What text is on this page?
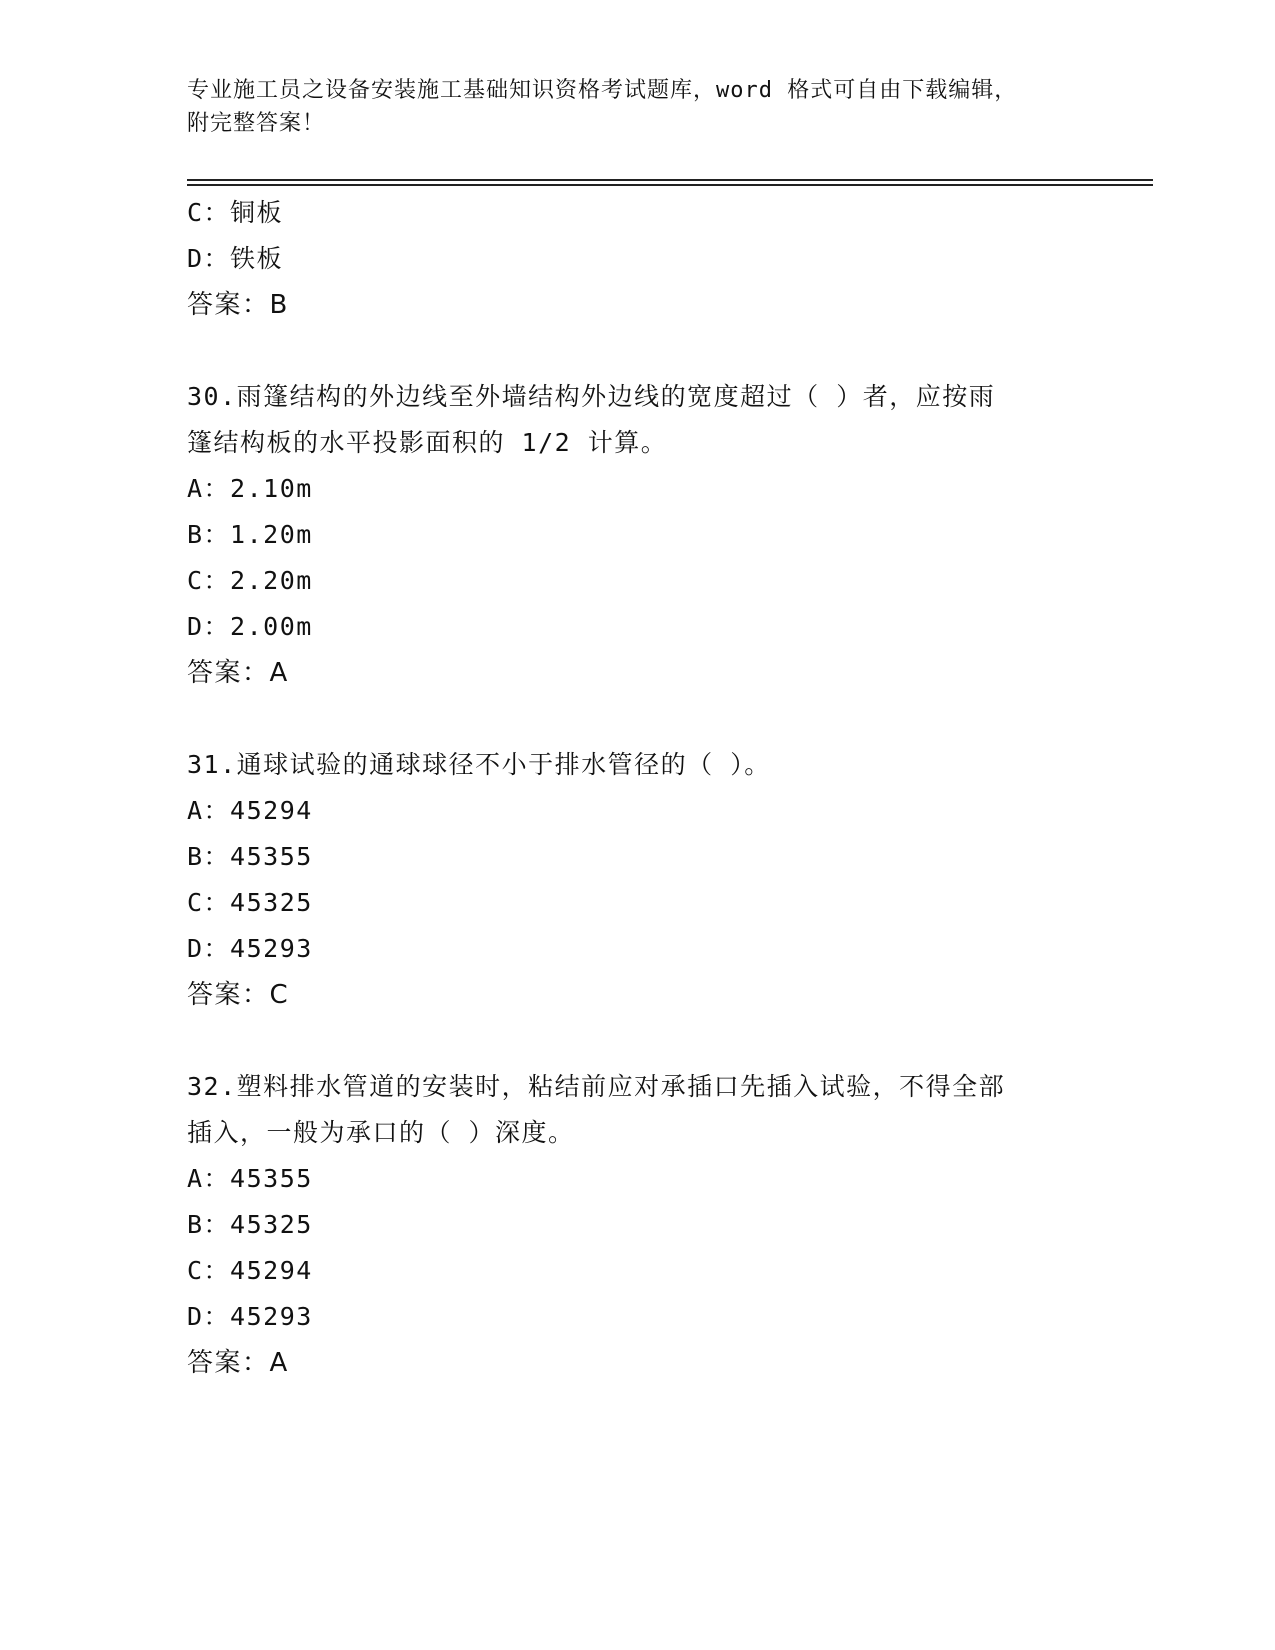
专业施工员之设备安装施工基础知识资格考试题库，word 格式可自由下载编辑，
附完整答案！
C：铜板
D：铁板
答案：B
30.雨篷结构的外边线至外墙结构外边线的宽度超过（ ）者，应按雨
篷结构板的水平投影面积的 1/2 计算。
A：2.10m
B：1.20m
C：2.20m
D：2.00m
答案：A
31.通球试验的通球球径不小于排水管径的（ ）。
A：45294
B：45355
C：45325
D：45293
答案：C
32.塑料排水管道的安装时，粘结前应对承插口先插入试验，不得全部
插入，一般为承口的（ ）深度。
A：45355
B：45325
C：45294
D：45293
答案：A
